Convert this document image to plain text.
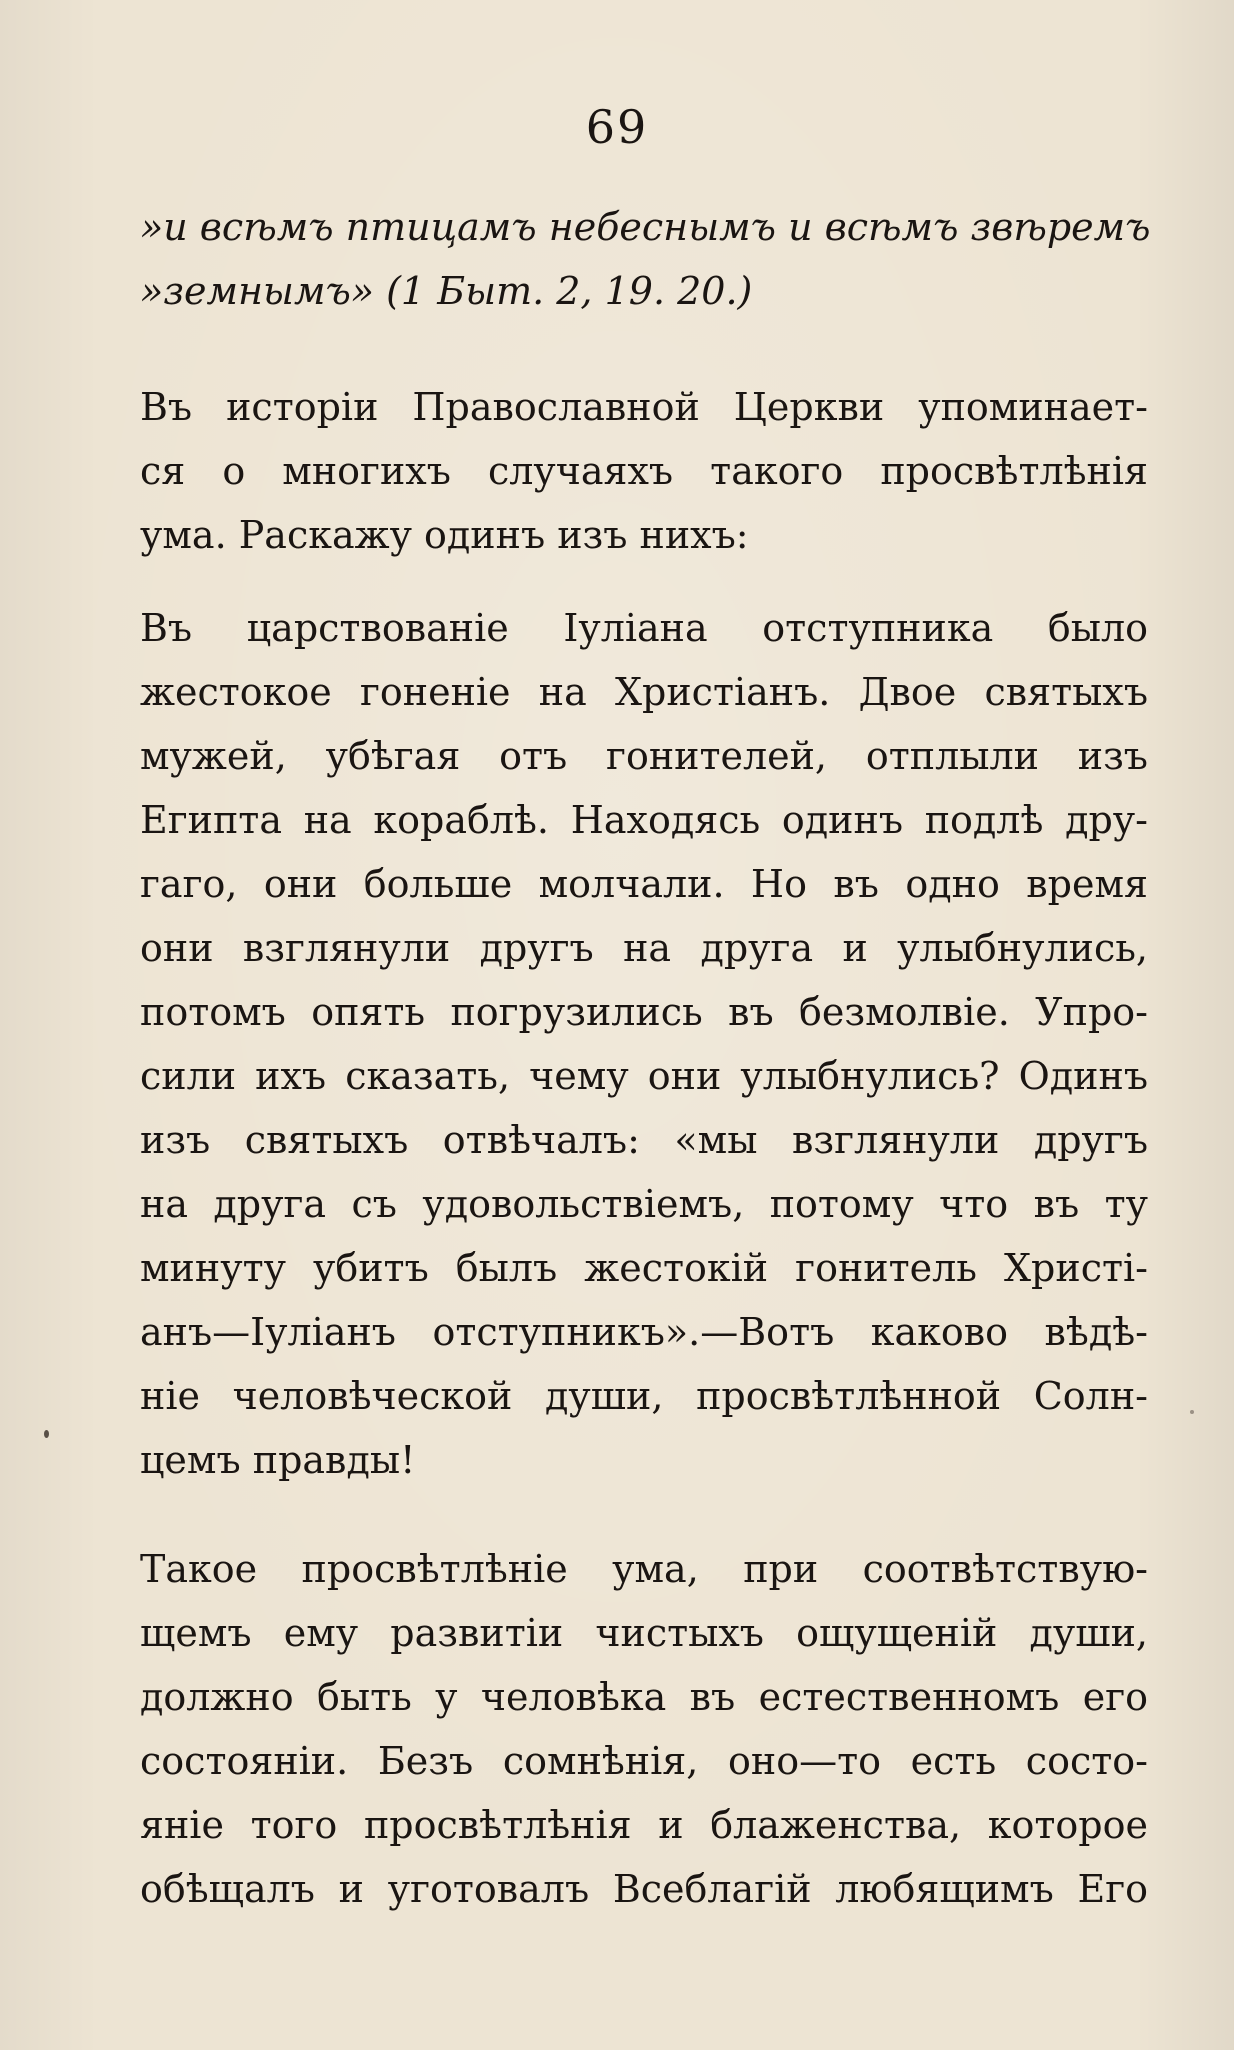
69
»и всѣмъ птицамъ небеснымъ и всѣмъ звѣремъ
»земнымъ» (1 Быт. 2, 19. 20.)
Въ исторіи Православной Церкви упоминает-
ся о многихъ случаяхъ такого просвѣтлѣнія
ума. Раскажу одинъ изъ нихъ:
Въ царствованіе Іуліана отступника было
жестокое гоненіе на Христіанъ. Двое святыхъ
мужей, убѣгая отъ гонителей, отплыли изъ
Египта на кораблѣ. Находясь одинъ подлѣ дру-
гаго, они больше молчали. Но въ одно время
они взглянули другъ на друга и улыбнулись,
потомъ опять погрузились въ безмолвіе. Упро-
сили ихъ сказать, чему они улыбнулись? Одинъ
изъ святыхъ отвѣчалъ: «мы взглянули другъ
на друга съ удовольствіемъ, потому что въ ту
минуту убитъ былъ жестокій гонитель Христі-
анъ—Іуліанъ отступникъ».—Вотъ каково вѣдѣ-
ніе человѣческой души, просвѣтлѣнной Солн-
цемъ правды!
Такое просвѣтлѣніе ума, при соотвѣтствую-
щемъ ему развитіи чистыхъ ощущеній души,
должно быть у человѣка въ естественномъ его
состояніи. Безъ сомнѣнія, оно—то есть состо-
яніе того просвѣтлѣнія и блаженства, которое
обѣщалъ и уготовалъ Всеблагій любящимъ Его
